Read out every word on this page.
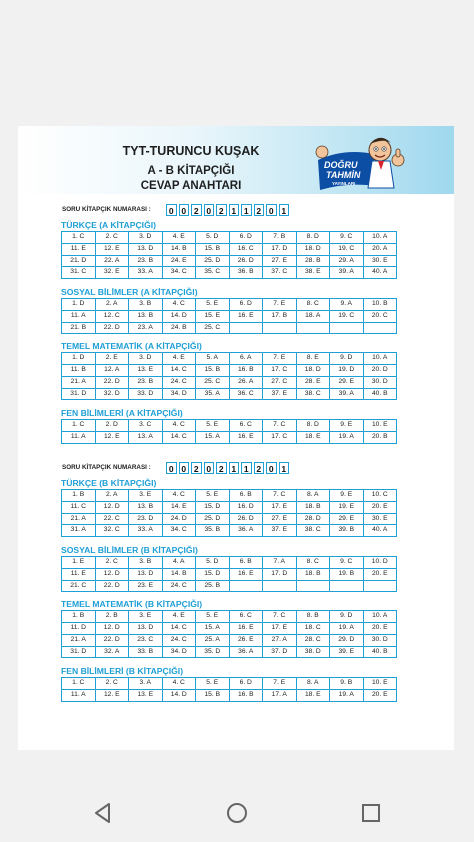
TYT-TURUNCU KUŞAK
A - B KİTAPÇIĞI
CEVAP ANAHTARI
DOĞRU
TAHMİN
YAYINLARI
SORU KİTAPÇIK NUMARASI :	0 0 2 0 2 1 1 2 0 1
TÜRKÇE (A KİTAPÇIĞI)
1. C	2. C	3. D	4. E	5. D	6. D	7. B	8. D	9. C	10. A
11. E	12. E	13. D	14. B	15. B	16. C	17. D	18. D	19. C	20. A
21. D	22. A	23. B	24. E	25. D	26. D	27. E	28. B	29. A	30. E
31. C	32. E	33. A	34. C	35. C	36. B	37. C	38. E	39. A	40. A
SOSYAL BİLİMLER (A KİTAPÇIĞI)
1. D	2. A	3. B	4. C	5. E	6. D	7. E	8. C	9. A	10. B
11. A	12. C	13. B	14. D	15. E	16. E	17. B	18. A	19. C	20. C
21. B	22. D	23. A	24. B	25. C					
TEMEL MATEMATİK (A KİTAPÇIĞI)
1. D	2. E	3. D	4. E	5. A	6. A	7. E	8. E	9. D	10. A
11. B	12. A	13. E	14. C	15. B	16. B	17. C	18. D	19. D	20. D
21. A	22. D	23. B	24. C	25. C	26. A	27. C	28. E	29. E	30. D
31. D	32. D	33. D	34. D	35. A	36. C	37. E	38. C	39. A	40. B
FEN BİLİMLERİ (A KİTAPÇIĞI)
1. C	2. D	3. C	4. C	5. E	6. C	7. C	8. D	9. E	10. E
11. A	12. E	13. A	14. C	15. A	16. E	17. C	18. E	19. A	20. B
SORU KİTAPÇIK NUMARASI :	0 0 2 0 2 1 1 2 0 1
TÜRKÇE (B KİTAPÇIĞI)
1. B	2. A	3. E	4. C	5. E	6. B	7. C	8. A	9. E	10. C
11. C	12. D	13. B	14. E	15. D	16. D	17. E	18. B	19. E	20. E
21. A	22. C	23. D	24. D	25. D	26. D	27. E	28. D	29. E	30. E
31. A	32. C	33. A	34. C	35. B	36. A	37. E	38. C	39. B	40. A
SOSYAL BİLİMLER (B KİTAPÇIĞI)
1. E	2. C	3. B	4. A	5. D	6. B	7. A	8. C	9. C	10. D
11. E	12. D	13. D	14. B	15. D	16. E	17. D	18. B	19. B	20. E
21. C	22. D	23. E	24. C	25. B					
TEMEL MATEMATİK (B KİTAPÇIĞI)
1. B	2. B	3. E	4. E	5. E	6. C	7. C	8. B	9. D	10. A
11. D	12. D	13. D	14. C	15. A	16. E	17. E	18. C	19. A	20. E
21. A	22. D	23. C	24. C	25. A	26. E	27. A	28. C	29. D	30. D
31. D	32. A	33. B	34. D	35. D	36. A	37. D	38. D	39. E	40. B
FEN BİLİMLERİ (B KİTAPÇIĞI)
1. C	2. C	3. A	4. C	5. E	6. D	7. E	8. A	9. B	10. E
11. A	12. E	13. E	14. D	15. B	16. B	17. A	18. E	19. A	20. E
